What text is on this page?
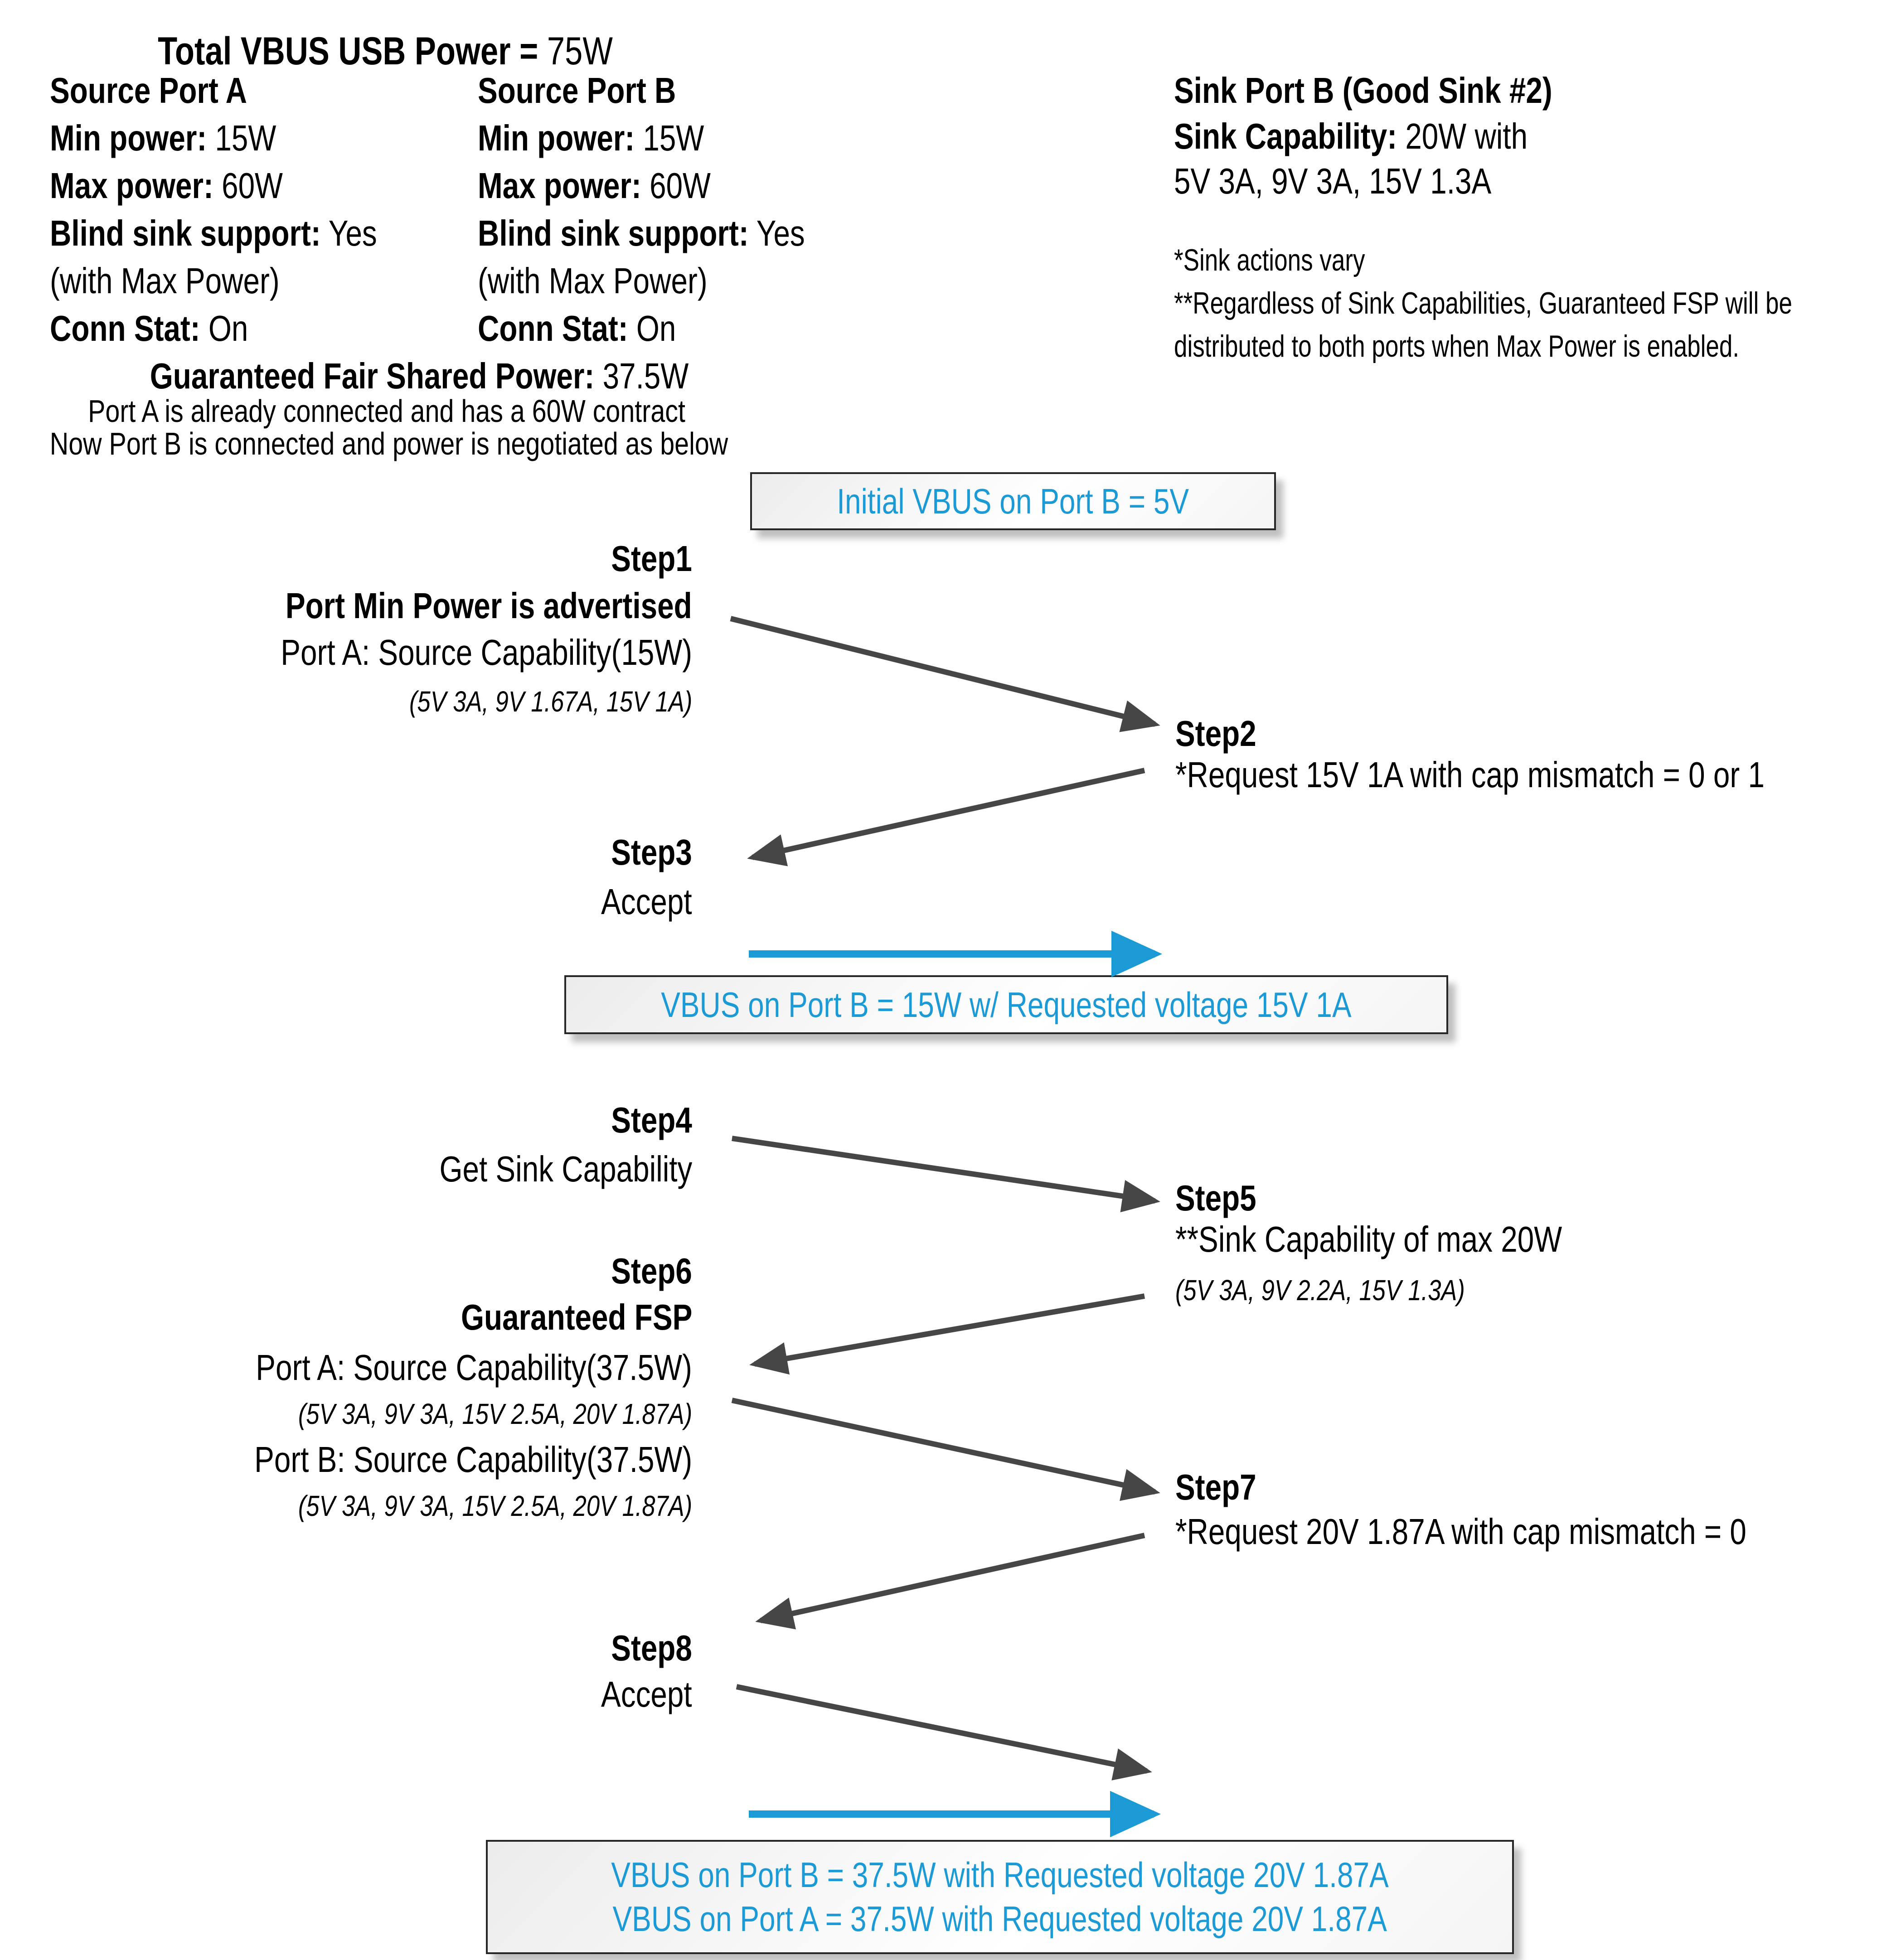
Total VBUS USB Power = 75W
Source Port A
Min power: 15W
Max power: 60W
Blind sink support: Yes
(with Max Power)
Conn Stat: On
Source Port B
Min power: 15W
Max power: 60W
Blind sink support: Yes
(with Max Power)
Conn Stat: On
Guaranteed Fair Shared Power: 37.5W
Port A is already connected and has a 60W contract
Now Port B is connected and power is negotiated as below
Sink Port B (Good Sink #2)
Sink Capability: 20W with
5V 3A, 9V 3A, 15V 1.3A
*Sink actions vary
**Regardless of Sink Capabilities, Guaranteed FSP will be
distributed to both ports when Max Power is enabled.
Initial VBUS on Port B = 5V
VBUS on Port B = 15W w/ Requested voltage 15V 1A
VBUS on Port B = 37.5W with Requested voltage 20V 1.87A
VBUS on Port A = 37.5W with Requested voltage 20V 1.87A
Step1
Port Min Power is advertised
Port A: Source Capability(15W)
(5V 3A, 9V 1.67A, 15V 1A)
Step3
Accept
Step4
Get Sink Capability
Step6
Guaranteed FSP
Port A: Source Capability(37.5W)
(5V 3A, 9V 3A, 15V 2.5A, 20V 1.87A)
Port B: Source Capability(37.5W)
(5V 3A, 9V 3A, 15V 2.5A, 20V 1.87A)
Step8
Accept
Step2
*Request 15V 1A with cap mismatch = 0 or 1
Step5
**Sink Capability of max 20W
(5V 3A, 9V 2.2A, 15V 1.3A)
Step7
*Request 20V 1.87A with cap mismatch = 0
